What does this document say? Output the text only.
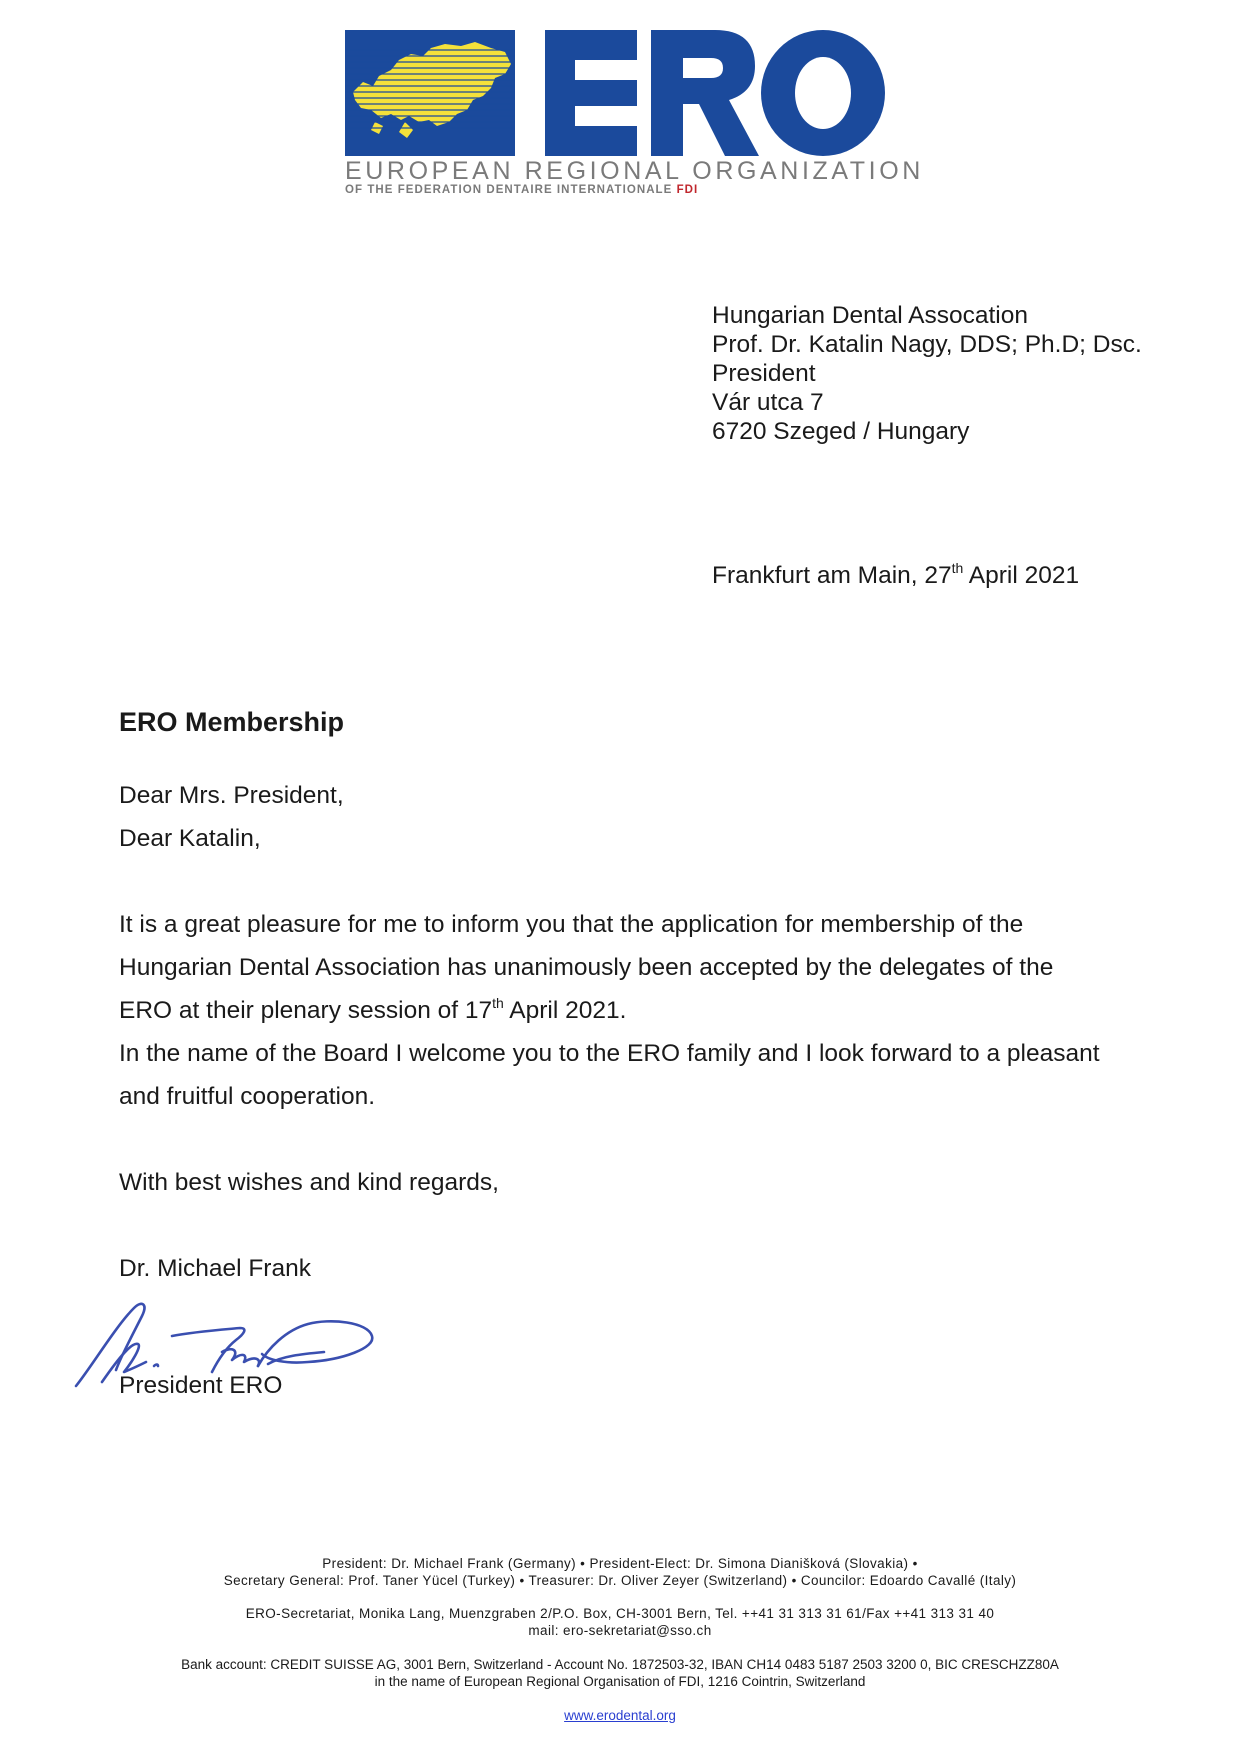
EUROPEAN REGIONAL ORGANIZATION
OF THE FEDERATION DENTAIRE INTERNATIONALE FDI
Hungarian Dental Assocation
Prof. Dr. Katalin Nagy, DDS; Ph.D; Dsc.
President
Vár utca 7
6720 Szeged / Hungary
Frankfurt am Main, 27th April 2021
ERO Membership
Dear Mrs. President,
Dear Katalin,
It is a great pleasure for me to inform you that the application for membership of the
Hungarian Dental Association has unanimously been accepted by the delegates of the
ERO at their plenary session of 17th April 2021.
In the name of the Board I welcome you to the ERO family and I look forward to a pleasant
and fruitful cooperation.
With best wishes and kind regards,
Dr. Michael Frank
President ERO
President: Dr. Michael Frank (Germany) • President-Elect: Dr. Simona Dianišková (Slovakia) •
Secretary General: Prof. Taner Yücel (Turkey) • Treasurer: Dr. Oliver Zeyer (Switzerland) • Councilor: Edoardo Cavallé (Italy)
ERO-Secretariat, Monika Lang, Muenzgraben 2/P.O. Box, CH-3001 Bern, Tel. ++41 31 313 31 61/Fax ++41 313 31 40
mail: ero-sekretariat@sso.ch
Bank account: CREDIT SUISSE AG, 3001 Bern, Switzerland - Account No. 1872503-32, IBAN CH14 0483 5187 2503 3200 0, BIC CRESCHZZ80A
in the name of European Regional Organisation of FDI, 1216 Cointrin, Switzerland
www.erodental.org
